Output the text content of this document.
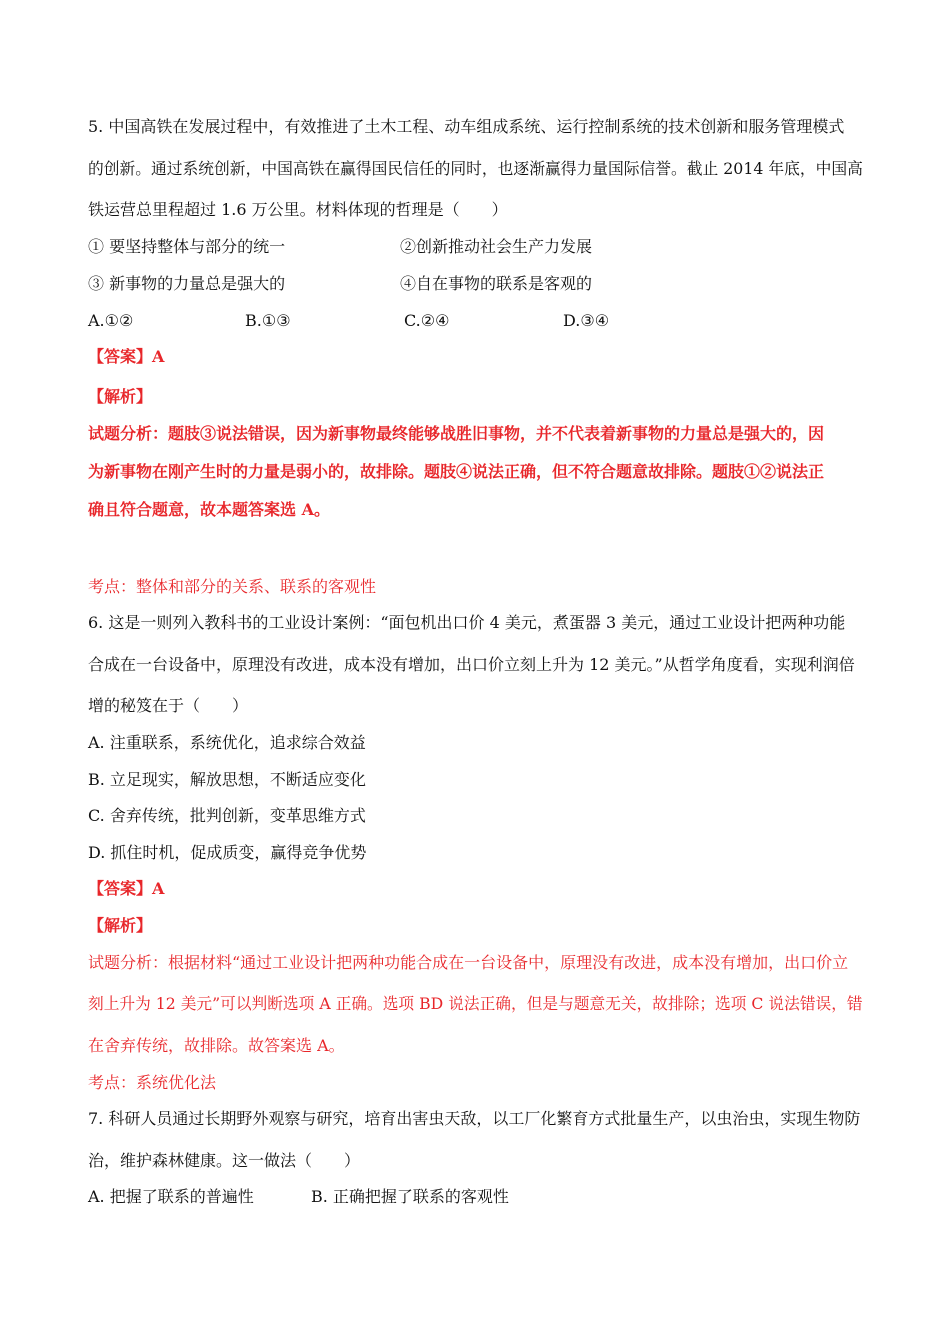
5. 中国高铁在发展过程中，有效推进了土木工程、动车组成系统、运行控制系统的技术创新和服务管理模式
的创新。通过系统创新，中国高铁在赢得国民信任的同时，也逐渐赢得力量国际信誉。截止 2014 年底，中国高
铁运营总里程超过 1.6 万公里。材料体现的哲理是（　　）
① 要坚持整体与部分的统一	②创新推动社会生产力发展
③ 新事物的力量总是强大的	④自在事物的联系是客观的
A.①②	B.①③	C.②④	D.③④
【答案】A
【解析】
试题分析：题肢③说法错误，因为新事物最终能够战胜旧事物，并不代表着新事物的力量总是强大的，因
为新事物在刚产生时的力量是弱小的，故排除。题肢④说法正确，但不符合题意故排除。题肢①②说法正
确且符合题意，故本题答案选 A。
考点：整体和部分的关系、联系的客观性
6. 这是一则列入教科书的工业设计案例：“面包机出口价 4 美元，煮蛋器 3 美元，通过工业设计把两种功能
合成在一台设备中，原理没有改进，成本没有增加，出口价立刻上升为 12 美元。”从哲学角度看，实现利润倍
增的秘笈在于（　　）
A. 注重联系，系统优化，追求综合效益
B. 立足现实，解放思想，不断适应变化
C. 舍弃传统，批判创新，变革思维方式
D. 抓住时机，促成质变，赢得竞争优势
【答案】A
【解析】
试题分析：根据材料“通过工业设计把两种功能合成在一台设备中，原理没有改进，成本没有增加，出口价立
刻上升为 12 美元”可以判断选项 A 正确。选项 BD 说法正确，但是与题意无关，故排除；选项 C 说法错误，错
在舍弃传统，故排除。故答案选 A。
考点：系统优化法
7. 科研人员通过长期野外观察与研究，培育出害虫天敌，以工厂化繁育方式批量生产，以虫治虫，实现生物防
治，维护森林健康。这一做法（　　）
A. 把握了联系的普遍性	B. 正确把握了联系的客观性
